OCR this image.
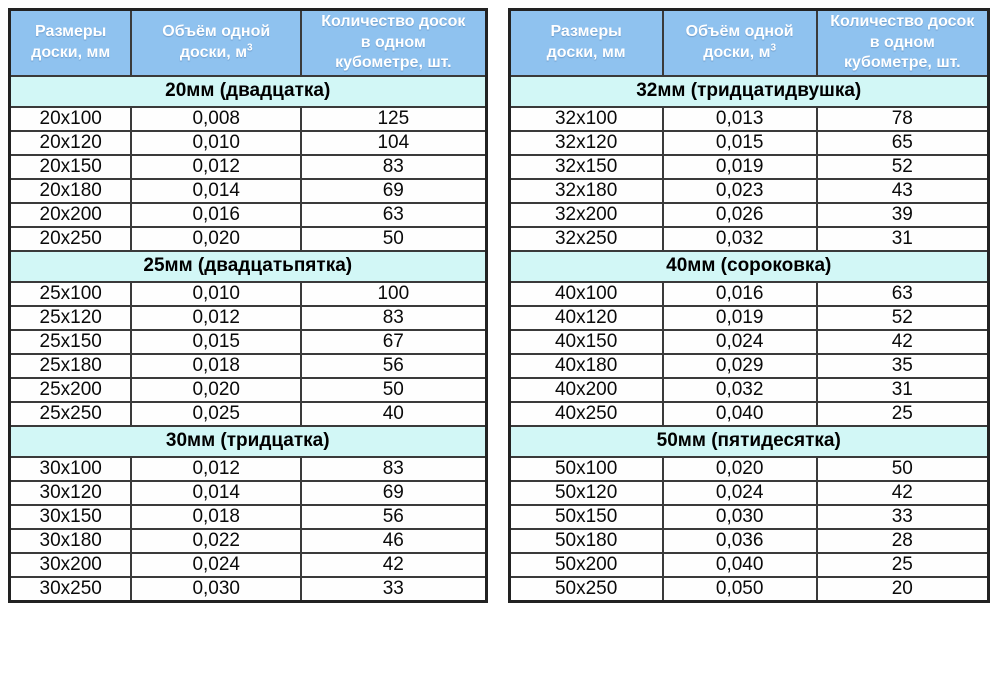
Размеры
доски, мм	Объём одной
доски, $м^3$	Количество досок
в одном
кубометре, шт.
20мм (двадцатка)		
20x100	0,008	125
20x120	0,010	104
20x150	0,012	83
20x180	0,014	69
20x200	0,016	63
20x250	0,020	50
25мм (двадцатьпятка)		
25x100	0,010	100
25x120	0,012	83
25x150	0,015	67
25x180	0,018	56
25x200	0,020	50
25x250	0,025	40
30мм (тридцатка)		
30x100	0,012	83
30x120	0,014	69
30x150	0,018	56
30x180	0,022	46
30x200	0,024	42
30x250	0,030	33
Размеры
доски, мм	Объём одной
доски, $м^3$	Количество досок
в одном
кубометре, шт.
32мм (тридцатидвушка)		
32x100	0,013	78
32x120	0,015	65
32x150	0,019	52
32x180	0,023	43
32x200	0,026	39
32x250	0,032	31
40мм (сороковка)		
40x100	0,016	63
40x120	0,019	52
40x150	0,024	42
40x180	0,029	35
40x200	0,032	31
40x250	0,040	25
50мм (пятидесятка)		
50x100	0,020	50
50x120	0,024	42
50x150	0,030	33
50x180	0,036	28
50x200	0,040	25
50x250	0,050	20
